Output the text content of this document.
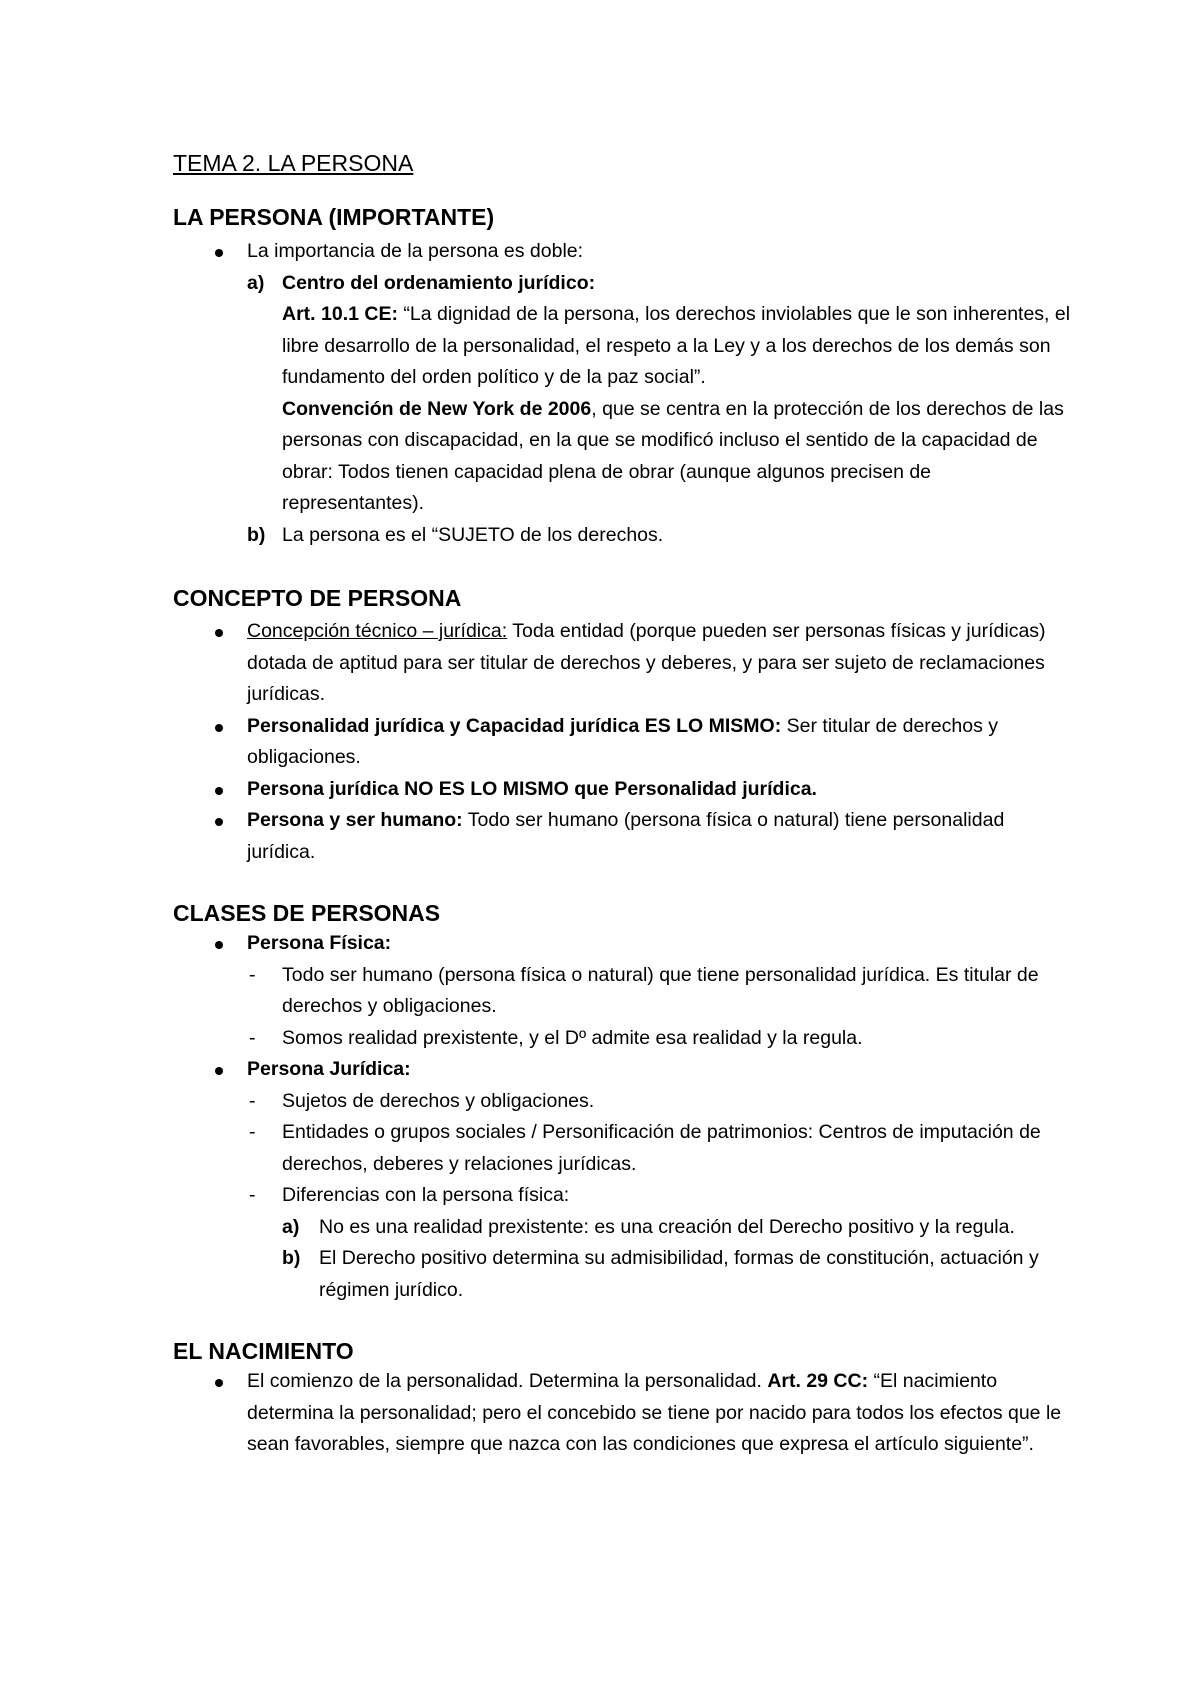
TEMA 2. LA PERSONA
LA PERSONA (IMPORTANTE)
La importancia de la persona es doble:
a) Centro del ordenamiento jurídico:
Art. 10.1 CE: “La dignidad de la persona, los derechos inviolables que le son inherentes, el libre desarrollo de la personalidad, el respeto a la Ley y a los derechos de los demás son fundamento del orden político y de la paz social”.
Convención de New York de 2006, que se centra en la protección de los derechos de las personas con discapacidad, en la que se modificó incluso el sentido de la capacidad de obrar: Todos tienen capacidad plena de obrar (aunque algunos precisen de representantes).
b) La persona es el “SUJETO de los derechos.
CONCEPTO DE PERSONA
Concepción técnico – jurídica: Toda entidad (porque pueden ser personas físicas y jurídicas) dotada de aptitud para ser titular de derechos y deberes, y para ser sujeto de reclamaciones jurídicas.
Personalidad jurídica y Capacidad jurídica ES LO MISMO: Ser titular de derechos y obligaciones.
Persona jurídica NO ES LO MISMO que Personalidad jurídica.
Persona y ser humano: Todo ser humano (persona física o natural) tiene personalidad jurídica.
CLASES DE PERSONAS
Persona Física:
- Todo ser humano (persona física o natural) que tiene personalidad jurídica. Es titular de derechos y obligaciones.
- Somos realidad prexistente, y el Dº admite esa realidad y la regula.
Persona Jurídica:
- Sujetos de derechos y obligaciones.
- Entidades o grupos sociales / Personificación de patrimonios: Centros de imputación de derechos, deberes y relaciones jurídicas.
- Diferencias con la persona física:
a) No es una realidad prexistente: es una creación del Derecho positivo y la regula.
b) El Derecho positivo determina su admisibilidad, formas de constitución, actuación y régimen jurídico.
EL NACIMIENTO
El comienzo de la personalidad. Determina la personalidad. Art. 29 CC: “El nacimiento determina la personalidad; pero el concebido se tiene por nacido para todos los efectos que le sean favorables, siempre que nazca con las condiciones que expresa el artículo siguiente”.
